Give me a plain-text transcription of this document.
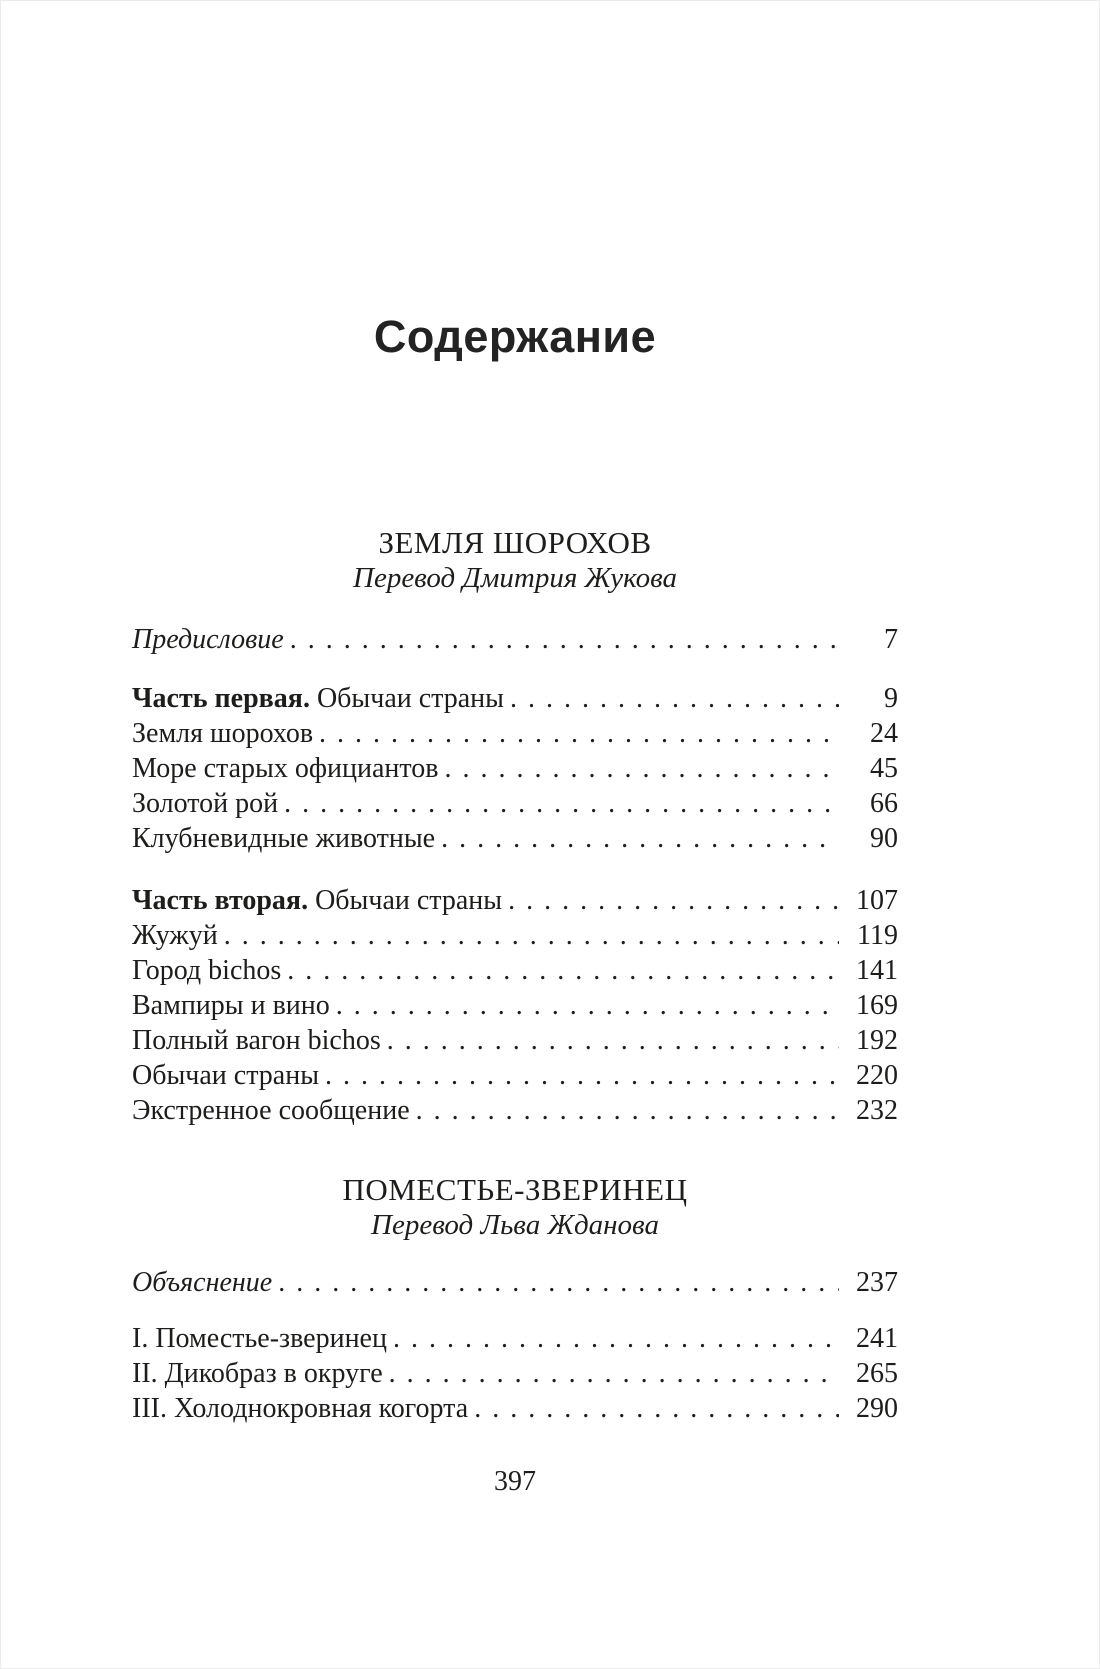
Содержание
ЗЕМЛЯ ШОРОХОВ
Перевод Дмитрия Жукова
Предисловие .....	7
Часть первая. Обычаи страны .....	9
Земля шорохов .....	24
Море старых официантов .....	45
Золотой рой .....	66
Клубневидные животные .....	90
Часть вторая. Обычаи страны .....	107
Жужуй .....	119
Город bichos .....	141
Вампиры и вино .....	169
Полный вагон bichos .....	192
Обычаи страны .....	220
Экстренное сообщение .....	232
ПОМЕСТЬЕ-ЗВЕРИНЕЦ
Перевод Льва Жданова
Объяснение .....	237
I. Поместье-зверинец .....	241
II. Дикобраз в округе .....	265
III. Холоднокровная когорта .....	290
397
